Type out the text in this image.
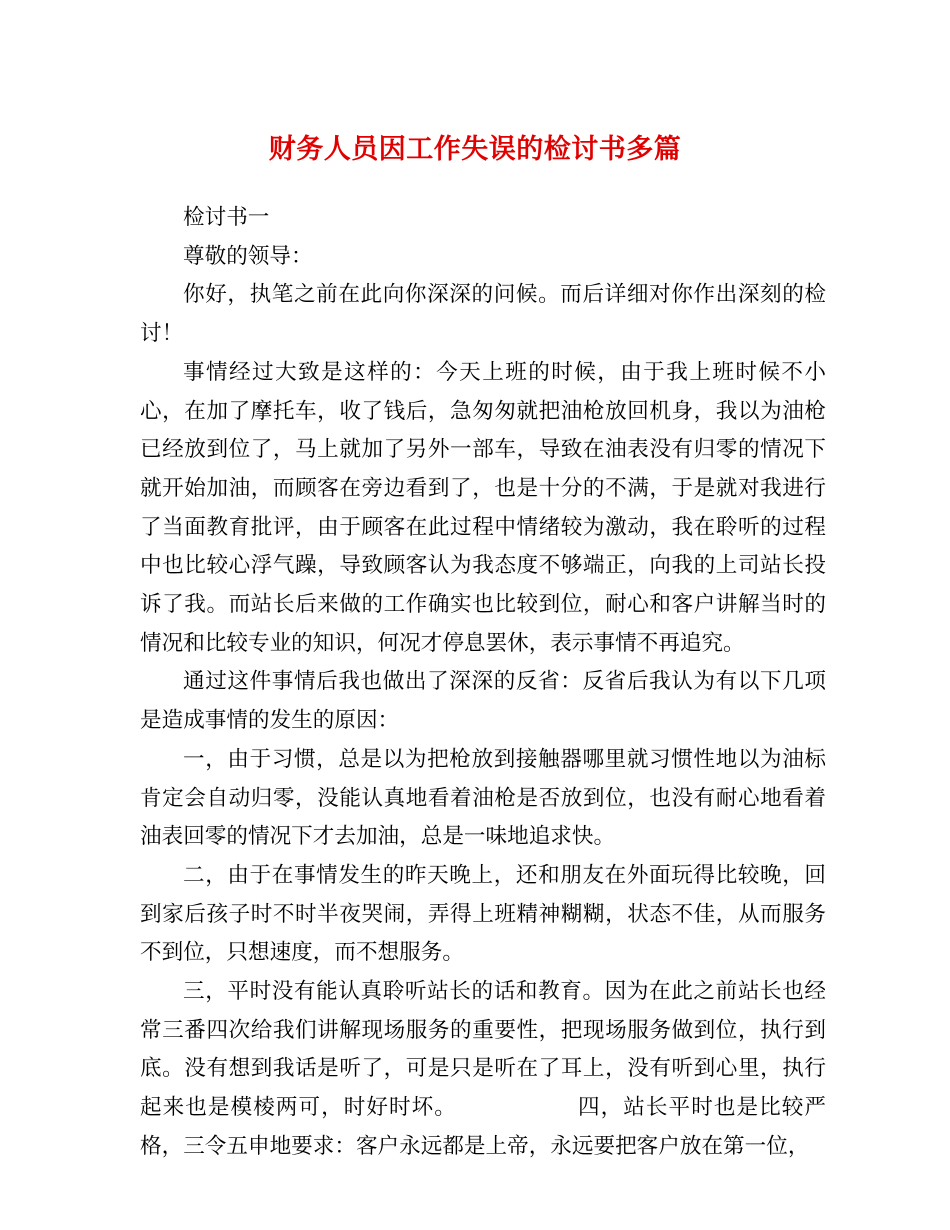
财务人员因工作失误的检讨书多篇

检讨书一

尊敬的领导：

你好，执笔之前在此向你深深的问候。而后详细对你作出深刻的检讨！

事情经过大致是这样的：今天上班的时候，由于我上班时候不小心，在加了摩托车，收了钱后，急匆匆就把油枪放回机身，我以为油枪已经放到位了，马上就加了另外一部车，导致在油表没有归零的情况下就开始加油，而顾客在旁边看到了，也是十分的不满，于是就对我进行了当面教育批评，由于顾客在此过程中情绪较为激动，我在聆听的过程中也比较心浮气躁，导致顾客认为我态度不够端正，向我的上司站长投诉了我。而站长后来做的工作确实也比较到位，耐心和客户讲解当时的情况和比较专业的知识，何况才停息罢休，表示事情不再追究。

通过这件事情后我也做出了深深的反省：反省后我认为有以下几项是造成事情的发生的原因：

一，由于习惯，总是以为把枪放到接触器哪里就习惯性地以为油标肯定会自动归零，没能认真地看着油枪是否放到位，也没有耐心地看着油表回零的情况下才去加油，总是一味地追求快。

二，由于在事情发生的昨天晚上，还和朋友在外面玩得比较晚，回到家后孩子时不时半夜哭闹，弄得上班精神糊糊，状态不佳，从而服务不到位，只想速度，而不想服务。

三，平时没有能认真聆听站长的话和教育。因为在此之前站长也经常三番四次给我们讲解现场服务的重要性，把现场服务做到位，执行到底。没有想到我话是听了，可是只是听在了耳上，没有听到心里，执行起来也是模棱两可，时好时坏。	四，站长平时也是比较严格，三令五申地要求：客户永远都是上帝，永远要把客户放在第一位，
